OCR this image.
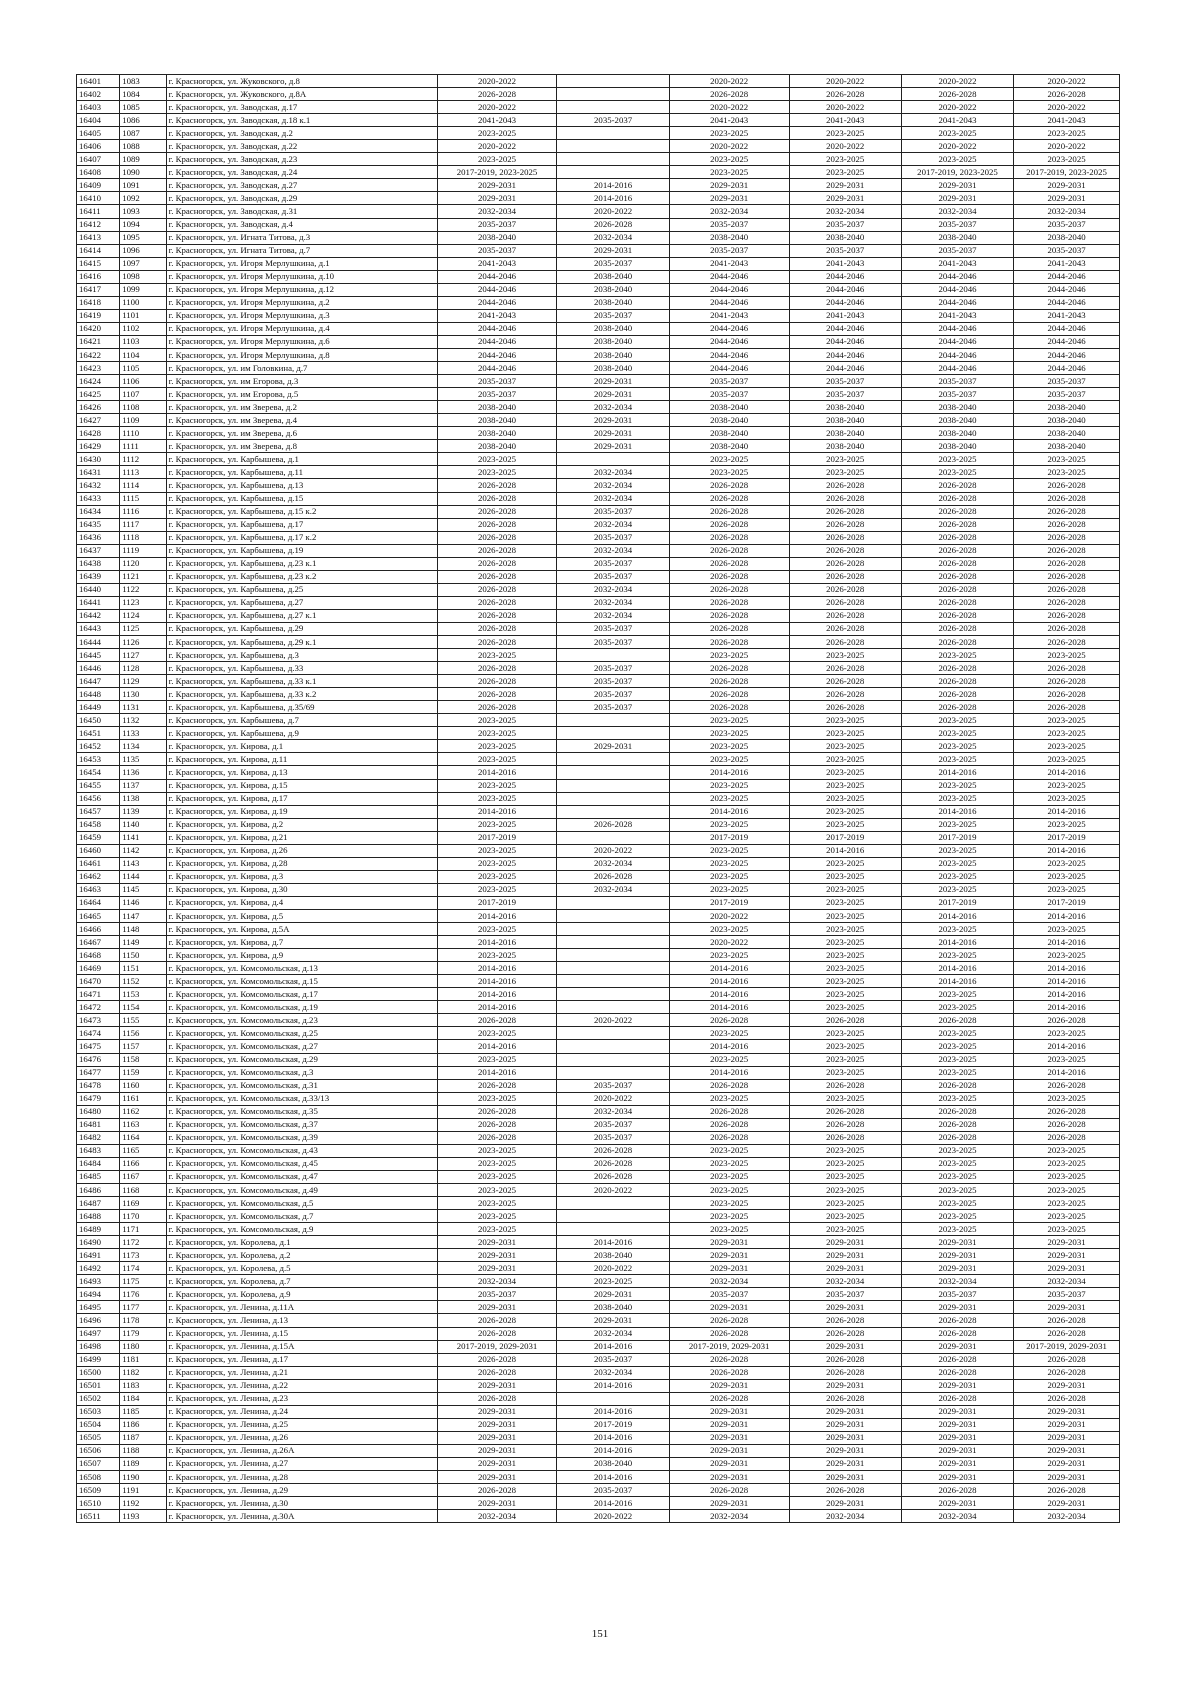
16401	1083	г. Красногорск, ул. Жуковского, д.8	2020-2022		2020-2022	2020-2022	2020-2022	2020-2022
16402	1084	г. Красногорск, ул. Жуковского, д.8А	2026-2028		2026-2028	2026-2028	2026-2028	2026-2028
16403	1085	г. Красногорск, ул. Заводская, д.17	2020-2022		2020-2022	2020-2022	2020-2022	2020-2022
16404	1086	г. Красногорск, ул. Заводская, д.18 к.1	2041-2043	2035-2037	2041-2043	2041-2043	2041-2043	2041-2043
16405	1087	г. Красногорск, ул. Заводская, д.2	2023-2025		2023-2025	2023-2025	2023-2025	2023-2025
16406	1088	г. Красногорск, ул. Заводская, д.22	2020-2022		2020-2022	2020-2022	2020-2022	2020-2022
16407	1089	г. Красногорск, ул. Заводская, д.23	2023-2025		2023-2025	2023-2025	2023-2025	2023-2025
16408	1090	г. Красногорск, ул. Заводская, д.24	2017-2019, 2023-2025		2023-2025	2023-2025	2017-2019, 2023-2025	2017-2019, 2023-2025
16409	1091	г. Красногорск, ул. Заводская, д.27	2029-2031	2014-2016	2029-2031	2029-2031	2029-2031	2029-2031
16410	1092	г. Красногорск, ул. Заводская, д.29	2029-2031	2014-2016	2029-2031	2029-2031	2029-2031	2029-2031
16411	1093	г. Красногорск, ул. Заводская, д.31	2032-2034	2020-2022	2032-2034	2032-2034	2032-2034	2032-2034
16412	1094	г. Красногорск, ул. Заводская, д.4	2035-2037	2026-2028	2035-2037	2035-2037	2035-2037	2035-2037
16413	1095	г. Красногорск, ул. Игната Титова, д.3	2038-2040	2032-2034	2038-2040	2038-2040	2038-2040	2038-2040
16414	1096	г. Красногорск, ул. Игната Титова, д.7	2035-2037	2029-2031	2035-2037	2035-2037	2035-2037	2035-2037
16415	1097	г. Красногорск, ул. Игоря Мерлушкина, д.1	2041-2043	2035-2037	2041-2043	2041-2043	2041-2043	2041-2043
16416	1098	г. Красногорск, ул. Игоря Мерлушкина, д.10	2044-2046	2038-2040	2044-2046	2044-2046	2044-2046	2044-2046
16417	1099	г. Красногорск, ул. Игоря Мерлушкина, д.12	2044-2046	2038-2040	2044-2046	2044-2046	2044-2046	2044-2046
16418	1100	г. Красногорск, ул. Игоря Мерлушкина, д.2	2044-2046	2038-2040	2044-2046	2044-2046	2044-2046	2044-2046
16419	1101	г. Красногорск, ул. Игоря Мерлушкина, д.3	2041-2043	2035-2037	2041-2043	2041-2043	2041-2043	2041-2043
16420	1102	г. Красногорск, ул. Игоря Мерлушкина, д.4	2044-2046	2038-2040	2044-2046	2044-2046	2044-2046	2044-2046
16421	1103	г. Красногорск, ул. Игоря Мерлушкина, д.6	2044-2046	2038-2040	2044-2046	2044-2046	2044-2046	2044-2046
16422	1104	г. Красногорск, ул. Игоря Мерлушкина, д.8	2044-2046	2038-2040	2044-2046	2044-2046	2044-2046	2044-2046
16423	1105	г. Красногорск, ул. им Головкина, д.7	2044-2046	2038-2040	2044-2046	2044-2046	2044-2046	2044-2046
16424	1106	г. Красногорск, ул. им Егорова, д.3	2035-2037	2029-2031	2035-2037	2035-2037	2035-2037	2035-2037
16425	1107	г. Красногорск, ул. им Егорова, д.5	2035-2037	2029-2031	2035-2037	2035-2037	2035-2037	2035-2037
16426	1108	г. Красногорск, ул. им Зверева, д.2	2038-2040	2032-2034	2038-2040	2038-2040	2038-2040	2038-2040
16427	1109	г. Красногорск, ул. им Зверева, д.4	2038-2040	2029-2031	2038-2040	2038-2040	2038-2040	2038-2040
16428	1110	г. Красногорск, ул. им Зверева, д.6	2038-2040	2029-2031	2038-2040	2038-2040	2038-2040	2038-2040
16429	1111	г. Красногорск, ул. им Зверева, д.8	2038-2040	2029-2031	2038-2040	2038-2040	2038-2040	2038-2040
16430	1112	г. Красногорск, ул. Карбышева, д.1	2023-2025		2023-2025	2023-2025	2023-2025	2023-2025
16431	1113	г. Красногорск, ул. Карбышева, д.11	2023-2025	2032-2034	2023-2025	2023-2025	2023-2025	2023-2025
16432	1114	г. Красногорск, ул. Карбышева, д.13	2026-2028	2032-2034	2026-2028	2026-2028	2026-2028	2026-2028
16433	1115	г. Красногорск, ул. Карбышева, д.15	2026-2028	2032-2034	2026-2028	2026-2028	2026-2028	2026-2028
16434	1116	г. Красногорск, ул. Карбышева, д.15 к.2	2026-2028	2035-2037	2026-2028	2026-2028	2026-2028	2026-2028
16435	1117	г. Красногорск, ул. Карбышева, д.17	2026-2028	2032-2034	2026-2028	2026-2028	2026-2028	2026-2028
16436	1118	г. Красногорск, ул. Карбышева, д.17 к.2	2026-2028	2035-2037	2026-2028	2026-2028	2026-2028	2026-2028
16437	1119	г. Красногорск, ул. Карбышева, д.19	2026-2028	2032-2034	2026-2028	2026-2028	2026-2028	2026-2028
16438	1120	г. Красногорск, ул. Карбышева, д.23 к.1	2026-2028	2035-2037	2026-2028	2026-2028	2026-2028	2026-2028
16439	1121	г. Красногорск, ул. Карбышева, д.23 к.2	2026-2028	2035-2037	2026-2028	2026-2028	2026-2028	2026-2028
16440	1122	г. Красногорск, ул. Карбышева, д.25	2026-2028	2032-2034	2026-2028	2026-2028	2026-2028	2026-2028
16441	1123	г. Красногорск, ул. Карбышева, д.27	2026-2028	2032-2034	2026-2028	2026-2028	2026-2028	2026-2028
16442	1124	г. Красногорск, ул. Карбышева, д.27 к.1	2026-2028	2032-2034	2026-2028	2026-2028	2026-2028	2026-2028
16443	1125	г. Красногорск, ул. Карбышева, д.29	2026-2028	2035-2037	2026-2028	2026-2028	2026-2028	2026-2028
16444	1126	г. Красногорск, ул. Карбышева, д.29 к.1	2026-2028	2035-2037	2026-2028	2026-2028	2026-2028	2026-2028
16445	1127	г. Красногорск, ул. Карбышева, д.3	2023-2025		2023-2025	2023-2025	2023-2025	2023-2025
16446	1128	г. Красногорск, ул. Карбышева, д.33	2026-2028	2035-2037	2026-2028	2026-2028	2026-2028	2026-2028
16447	1129	г. Красногорск, ул. Карбышева, д.33 к.1	2026-2028	2035-2037	2026-2028	2026-2028	2026-2028	2026-2028
16448	1130	г. Красногорск, ул. Карбышева, д.33 к.2	2026-2028	2035-2037	2026-2028	2026-2028	2026-2028	2026-2028
16449	1131	г. Красногорск, ул. Карбышева, д.35/69	2026-2028	2035-2037	2026-2028	2026-2028	2026-2028	2026-2028
16450	1132	г. Красногорск, ул. Карбышева, д.7	2023-2025		2023-2025	2023-2025	2023-2025	2023-2025
16451	1133	г. Красногорск, ул. Карбышева, д.9	2023-2025		2023-2025	2023-2025	2023-2025	2023-2025
16452	1134	г. Красногорск, ул. Кирова, д.1	2023-2025	2029-2031	2023-2025	2023-2025	2023-2025	2023-2025
16453	1135	г. Красногорск, ул. Кирова, д.11	2023-2025		2023-2025	2023-2025	2023-2025	2023-2025
16454	1136	г. Красногорск, ул. Кирова, д.13	2014-2016		2014-2016	2023-2025	2014-2016	2014-2016
16455	1137	г. Красногорск, ул. Кирова, д.15	2023-2025		2023-2025	2023-2025	2023-2025	2023-2025
16456	1138	г. Красногорск, ул. Кирова, д.17	2023-2025		2023-2025	2023-2025	2023-2025	2023-2025
16457	1139	г. Красногорск, ул. Кирова, д.19	2014-2016		2014-2016	2023-2025	2014-2016	2014-2016
16458	1140	г. Красногорск, ул. Кирова, д.2	2023-2025	2026-2028	2023-2025	2023-2025	2023-2025	2023-2025
16459	1141	г. Красногорск, ул. Кирова, д.21	2017-2019		2017-2019	2017-2019	2017-2019	2017-2019
16460	1142	г. Красногорск, ул. Кирова, д.26	2023-2025	2020-2022	2023-2025	2014-2016	2023-2025	2014-2016
16461	1143	г. Красногорск, ул. Кирова, д.28	2023-2025	2032-2034	2023-2025	2023-2025	2023-2025	2023-2025
16462	1144	г. Красногорск, ул. Кирова, д.3	2023-2025	2026-2028	2023-2025	2023-2025	2023-2025	2023-2025
16463	1145	г. Красногорск, ул. Кирова, д.30	2023-2025	2032-2034	2023-2025	2023-2025	2023-2025	2023-2025
16464	1146	г. Красногорск, ул. Кирова, д.4	2017-2019		2017-2019	2023-2025	2017-2019	2017-2019
16465	1147	г. Красногорск, ул. Кирова, д.5	2014-2016		2020-2022	2023-2025	2014-2016	2014-2016
16466	1148	г. Красногорск, ул. Кирова, д.5А	2023-2025		2023-2025	2023-2025	2023-2025	2023-2025
16467	1149	г. Красногорск, ул. Кирова, д.7	2014-2016		2020-2022	2023-2025	2014-2016	2014-2016
16468	1150	г. Красногорск, ул. Кирова, д.9	2023-2025		2023-2025	2023-2025	2023-2025	2023-2025
16469	1151	г. Красногорск, ул. Комсомольская, д.13	2014-2016		2014-2016	2023-2025	2014-2016	2014-2016
16470	1152	г. Красногорск, ул. Комсомольская, д.15	2014-2016		2014-2016	2023-2025	2014-2016	2014-2016
16471	1153	г. Красногорск, ул. Комсомольская, д.17	2014-2016		2014-2016	2023-2025	2023-2025	2014-2016
16472	1154	г. Красногорск, ул. Комсомольская, д.19	2014-2016		2014-2016	2023-2025	2023-2025	2014-2016
16473	1155	г. Красногорск, ул. Комсомольская, д.23	2026-2028	2020-2022	2026-2028	2026-2028	2026-2028	2026-2028
16474	1156	г. Красногорск, ул. Комсомольская, д.25	2023-2025		2023-2025	2023-2025	2023-2025	2023-2025
16475	1157	г. Красногорск, ул. Комсомольская, д.27	2014-2016		2014-2016	2023-2025	2023-2025	2014-2016
16476	1158	г. Красногорск, ул. Комсомольская, д.29	2023-2025		2023-2025	2023-2025	2023-2025	2023-2025
16477	1159	г. Красногорск, ул. Комсомольская, д.3	2014-2016		2014-2016	2023-2025	2023-2025	2014-2016
16478	1160	г. Красногорск, ул. Комсомольская, д.31	2026-2028	2035-2037	2026-2028	2026-2028	2026-2028	2026-2028
16479	1161	г. Красногорск, ул. Комсомольская, д.33/13	2023-2025	2020-2022	2023-2025	2023-2025	2023-2025	2023-2025
16480	1162	г. Красногорск, ул. Комсомольская, д.35	2026-2028	2032-2034	2026-2028	2026-2028	2026-2028	2026-2028
16481	1163	г. Красногорск, ул. Комсомольская, д.37	2026-2028	2035-2037	2026-2028	2026-2028	2026-2028	2026-2028
16482	1164	г. Красногорск, ул. Комсомольская, д.39	2026-2028	2035-2037	2026-2028	2026-2028	2026-2028	2026-2028
16483	1165	г. Красногорск, ул. Комсомольская, д.43	2023-2025	2026-2028	2023-2025	2023-2025	2023-2025	2023-2025
16484	1166	г. Красногорск, ул. Комсомольская, д.45	2023-2025	2026-2028	2023-2025	2023-2025	2023-2025	2023-2025
16485	1167	г. Красногорск, ул. Комсомольская, д.47	2023-2025	2026-2028	2023-2025	2023-2025	2023-2025	2023-2025
16486	1168	г. Красногорск, ул. Комсомольская, д.49	2023-2025	2020-2022	2023-2025	2023-2025	2023-2025	2023-2025
16487	1169	г. Красногорск, ул. Комсомольская, д.5	2023-2025		2023-2025	2023-2025	2023-2025	2023-2025
16488	1170	г. Красногорск, ул. Комсомольская, д.7	2023-2025		2023-2025	2023-2025	2023-2025	2023-2025
16489	1171	г. Красногорск, ул. Комсомольская, д.9	2023-2025		2023-2025	2023-2025	2023-2025	2023-2025
16490	1172	г. Красногорск, ул. Королева, д.1	2029-2031	2014-2016	2029-2031	2029-2031	2029-2031	2029-2031
16491	1173	г. Красногорск, ул. Королева, д.2	2029-2031	2038-2040	2029-2031	2029-2031	2029-2031	2029-2031
16492	1174	г. Красногорск, ул. Королева, д.5	2029-2031	2020-2022	2029-2031	2029-2031	2029-2031	2029-2031
16493	1175	г. Красногорск, ул. Королева, д.7	2032-2034	2023-2025	2032-2034	2032-2034	2032-2034	2032-2034
16494	1176	г. Красногорск, ул. Королева, д.9	2035-2037	2029-2031	2035-2037	2035-2037	2035-2037	2035-2037
16495	1177	г. Красногорск, ул. Ленина, д.11А	2029-2031	2038-2040	2029-2031	2029-2031	2029-2031	2029-2031
16496	1178	г. Красногорск, ул. Ленина, д.13	2026-2028	2029-2031	2026-2028	2026-2028	2026-2028	2026-2028
16497	1179	г. Красногорск, ул. Ленина, д.15	2026-2028	2032-2034	2026-2028	2026-2028	2026-2028	2026-2028
16498	1180	г. Красногорск, ул. Ленина, д.15А	2017-2019, 2029-2031	2014-2016	2017-2019, 2029-2031	2029-2031	2029-2031	2017-2019, 2029-2031
16499	1181	г. Красногорск, ул. Ленина, д.17	2026-2028	2035-2037	2026-2028	2026-2028	2026-2028	2026-2028
16500	1182	г. Красногорск, ул. Ленина, д.21	2026-2028	2032-2034	2026-2028	2026-2028	2026-2028	2026-2028
16501	1183	г. Красногорск, ул. Ленина, д.22	2029-2031	2014-2016	2029-2031	2029-2031	2029-2031	2029-2031
16502	1184	г. Красногорск, ул. Ленина, д.23	2026-2028		2026-2028	2026-2028	2026-2028	2026-2028
16503	1185	г. Красногорск, ул. Ленина, д.24	2029-2031	2014-2016	2029-2031	2029-2031	2029-2031	2029-2031
16504	1186	г. Красногорск, ул. Ленина, д.25	2029-2031	2017-2019	2029-2031	2029-2031	2029-2031	2029-2031
16505	1187	г. Красногорск, ул. Ленина, д.26	2029-2031	2014-2016	2029-2031	2029-2031	2029-2031	2029-2031
16506	1188	г. Красногорск, ул. Ленина, д.26А	2029-2031	2014-2016	2029-2031	2029-2031	2029-2031	2029-2031
16507	1189	г. Красногорск, ул. Ленина, д.27	2029-2031	2038-2040	2029-2031	2029-2031	2029-2031	2029-2031
16508	1190	г. Красногорск, ул. Ленина, д.28	2029-2031	2014-2016	2029-2031	2029-2031	2029-2031	2029-2031
16509	1191	г. Красногорск, ул. Ленина, д.29	2026-2028	2035-2037	2026-2028	2026-2028	2026-2028	2026-2028
16510	1192	г. Красногорск, ул. Ленина, д.30	2029-2031	2014-2016	2029-2031	2029-2031	2029-2031	2029-2031
16511	1193	г. Красногорск, ул. Ленина, д.30А	2032-2034	2020-2022	2032-2034	2032-2034	2032-2034	2032-2034
151
